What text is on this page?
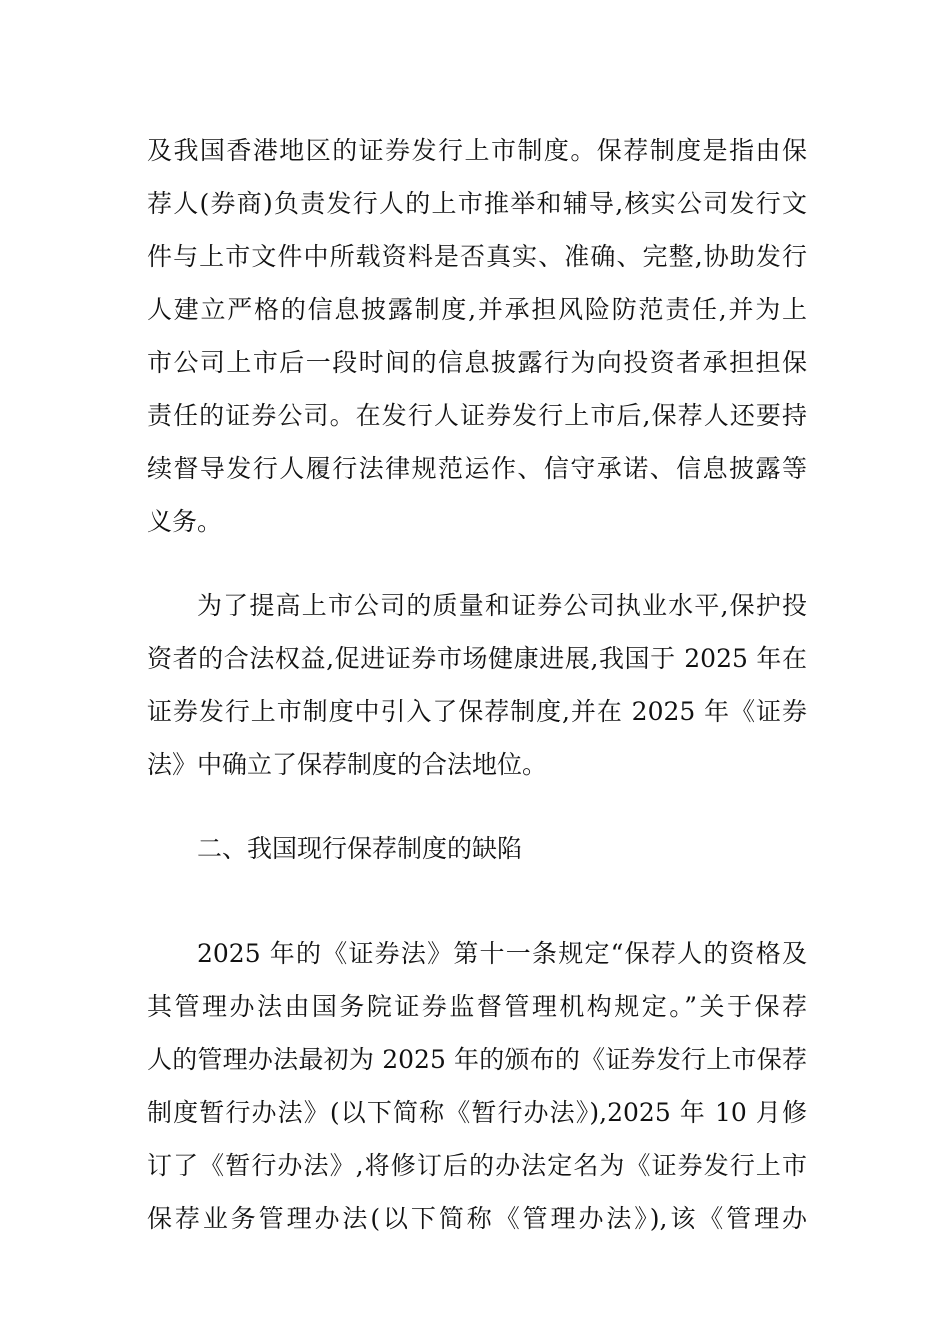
及我国香港地区的证券发行上市制度。保荐制度是指由保
荐人(券商)负责发行人的上市推举和辅导,核实公司发行文
件与上市文件中所载资料是否真实、准确、完整,协助发行
人建立严格的信息披露制度,并承担风险防范责任,并为上
市公司上市后一段时间的信息披露行为向投资者承担担保
责任的证券公司。在发行人证券发行上市后,保荐人还要持
续督导发行人履行法律规范运作、信守承诺、信息披露等
义务。
为了提高上市公司的质量和证券公司执业水平,保护投
资者的合法权益,促进证券市场健康进展,我国于 2025 年在
证券发行上市制度中引入了保荐制度,并在 2025 年《证券
法》中确立了保荐制度的合法地位。
二、我国现行保荐制度的缺陷
2025 年的《证券法》第十一条规定“保荐人的资格及
其管理办法由国务院证券监督管理机构规定。”关于保荐
人的管理办法最初为 2025 年的颁布的《证券发行上市保荐
制度暂行办法》(以下简称《暂行办法》),2025 年 10 月修
订了《暂行办法》,将修订后的办法定名为《证券发行上市
保荐业务管理办法(以下简称《管理办法》),该《管理办
